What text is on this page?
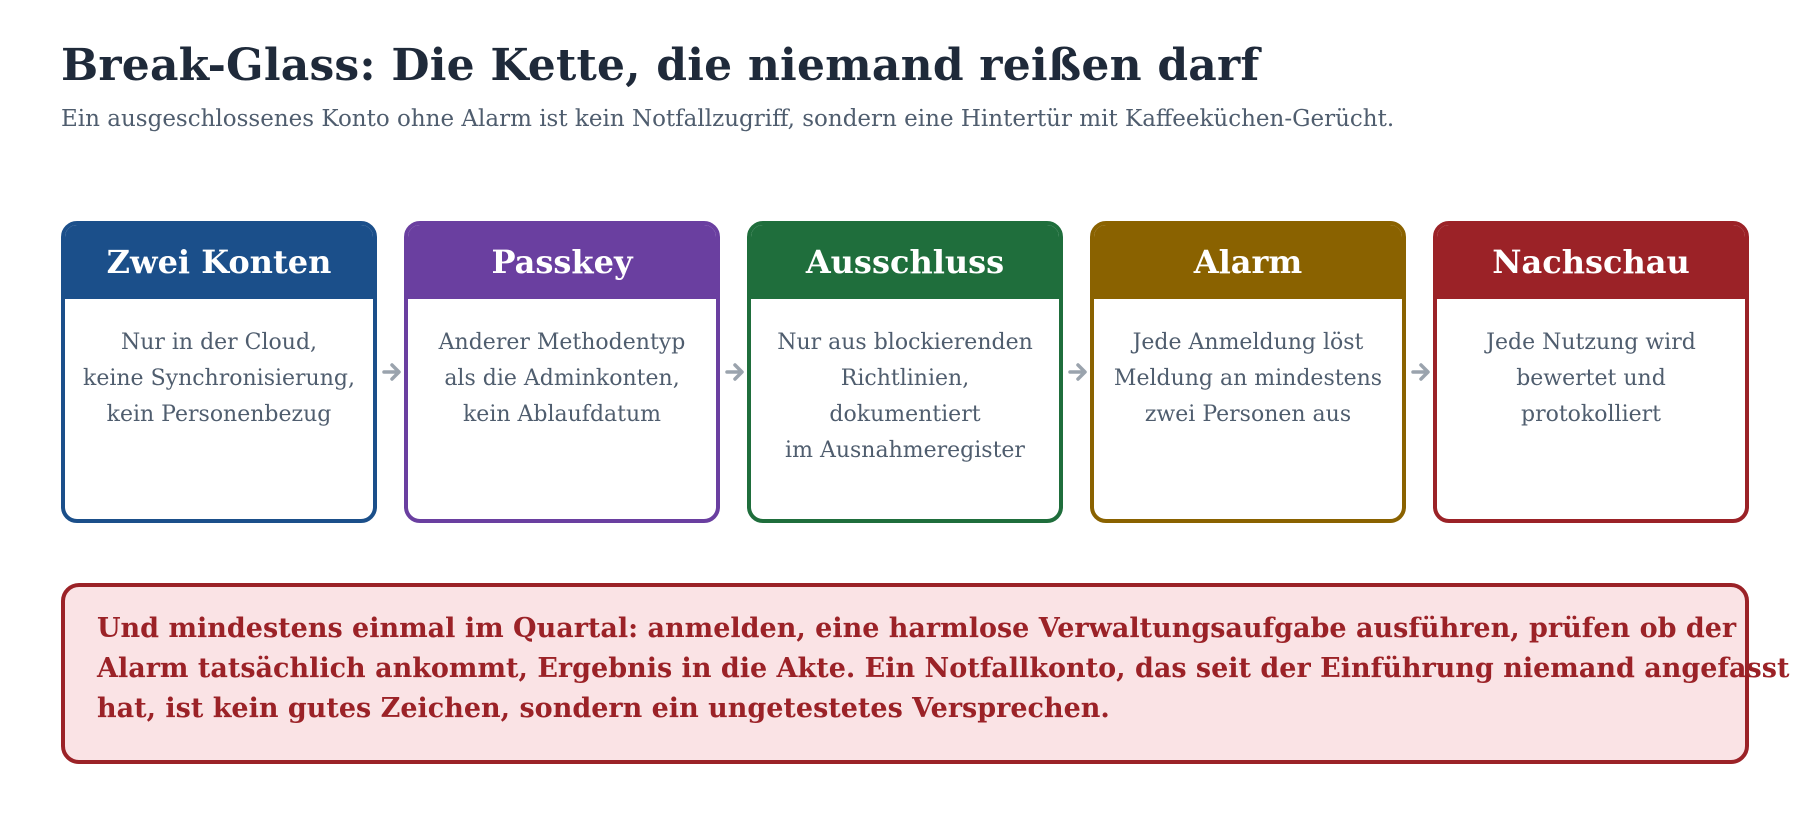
Break-Glass: Die Kette, die niemand reißen darf

Ein ausgeschlossenes Konto ohne Alarm ist kein Notfallzugriff, sondern eine Hintertür mit Kaffeeküchen-Gerücht.

Zwei Konten
Nur in der Cloud,
keine Synchronisierung,
kein Personenbezug
Passkey
Anderer Methodentyp
als die Adminkonten,
kein Ablaufdatum
Ausschluss
Nur aus blockierenden
Richtlinien,
dokumentiert
im Ausnahmeregister
Alarm
Jede Anmeldung löst
Meldung an mindestens
zwei Personen aus
Nachschau
Jede Nutzung wird
bewertet und
protokolliert
Und mindestens einmal im Quartal: anmelden, eine harmlose Verwaltungsaufgabe ausführen, prüfen ob der
Alarm tatsächlich ankommt, Ergebnis in die Akte. Ein Notfallkonto, das seit der Einführung niemand angefasst
hat, ist kein gutes Zeichen, sondern ein ungetestetes Versprechen.
